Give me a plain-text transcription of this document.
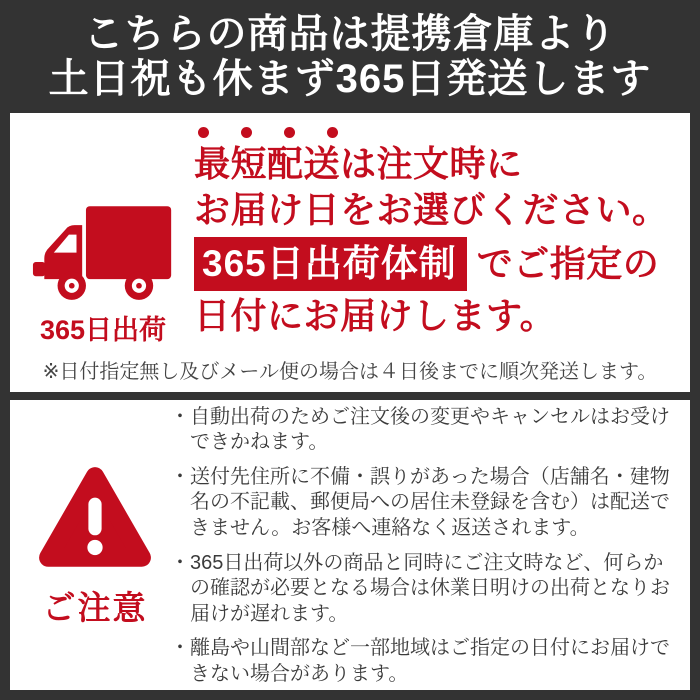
こちらの商品は提携倉庫より
土日祝も休まず365日発送します
365日出荷
最短配送は注文時に
お届け日をお選びください。
365日出荷体制 でご指定の
日付にお届けします。
※日付指定無し及びメール便の場合は４日後までに順次発送します。
ご注意
・自動出荷のためご注文後の変更やキャンセルはお受けできかねます。
・送付先住所に不備・誤りがあった場合（店舗名・建物名の不記載、郵便局への居住未登録を含む）は配送できません。お客様へ連絡なく返送されます。
・365日出荷以外の商品と同時にご注文時など、何らかの確認が必要となる場合は休業日明けの出荷となりお届けが遅れます。
・離島や山間部など一部地域はご指定の日付にお届けできない場合があります。
